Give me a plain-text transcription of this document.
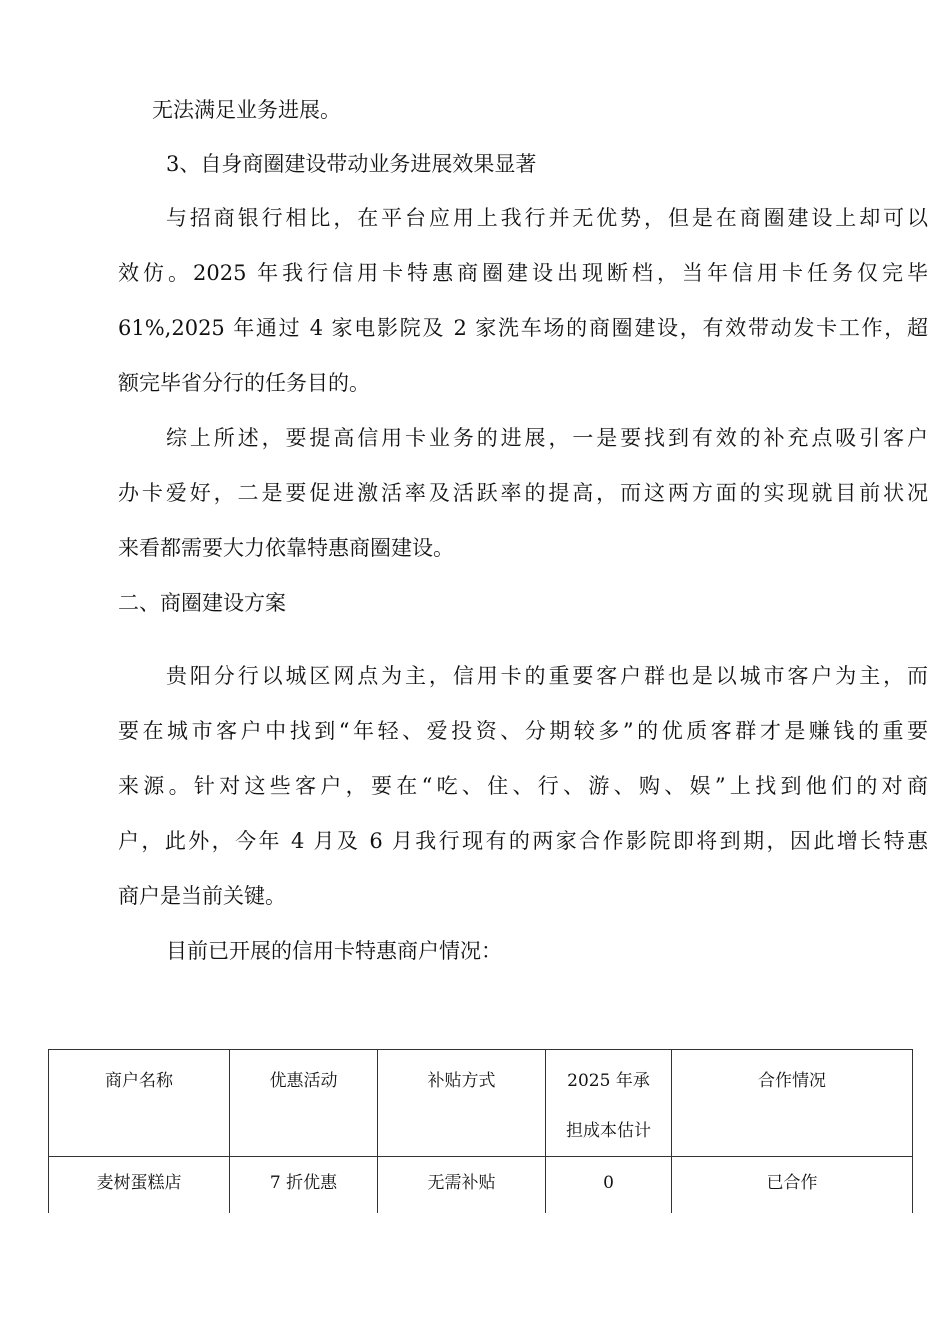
无法满足业务进展。

3、自身商圈建设带动业务进展效果显著

与招商银行相比，在平台应用上我行并无优势，但是在商圈建设上却可以

效仿。2025 年我行信用卡特惠商圈建设出现断档，当年信用卡任务仅完毕

61%,2025 年通过 4 家电影院及 2 家洗车场的商圈建设，有效带动发卡工作，超

额完毕省分行的任务目的。

综上所述，要提高信用卡业务的进展，一是要找到有效的补充点吸引客户

办卡爱好，二是要促进激活率及活跃率的提高，而这两方面的实现就目前状况

来看都需要大力依靠特惠商圈建设。

二、商圈建设方案

贵阳分行以城区网点为主，信用卡的重要客户群也是以城市客户为主，而

要在城市客户中找到“年轻、爱投资、分期较多”的优质客群才是赚钱的重要

来源。针对这些客户，要在“吃、住、行、游、购、娱”上找到他们的对商

户，此外，今年 4 月及 6 月我行现有的两家合作影院即将到期，因此增长特惠

商户是当前关键。

目前已开展的信用卡特惠商户情况：

商户名称	优惠活动	补贴方式	2025 年承
担成本估计	合作情况
麦树蛋糕店	7 折优惠	无需补贴	0	已合作
